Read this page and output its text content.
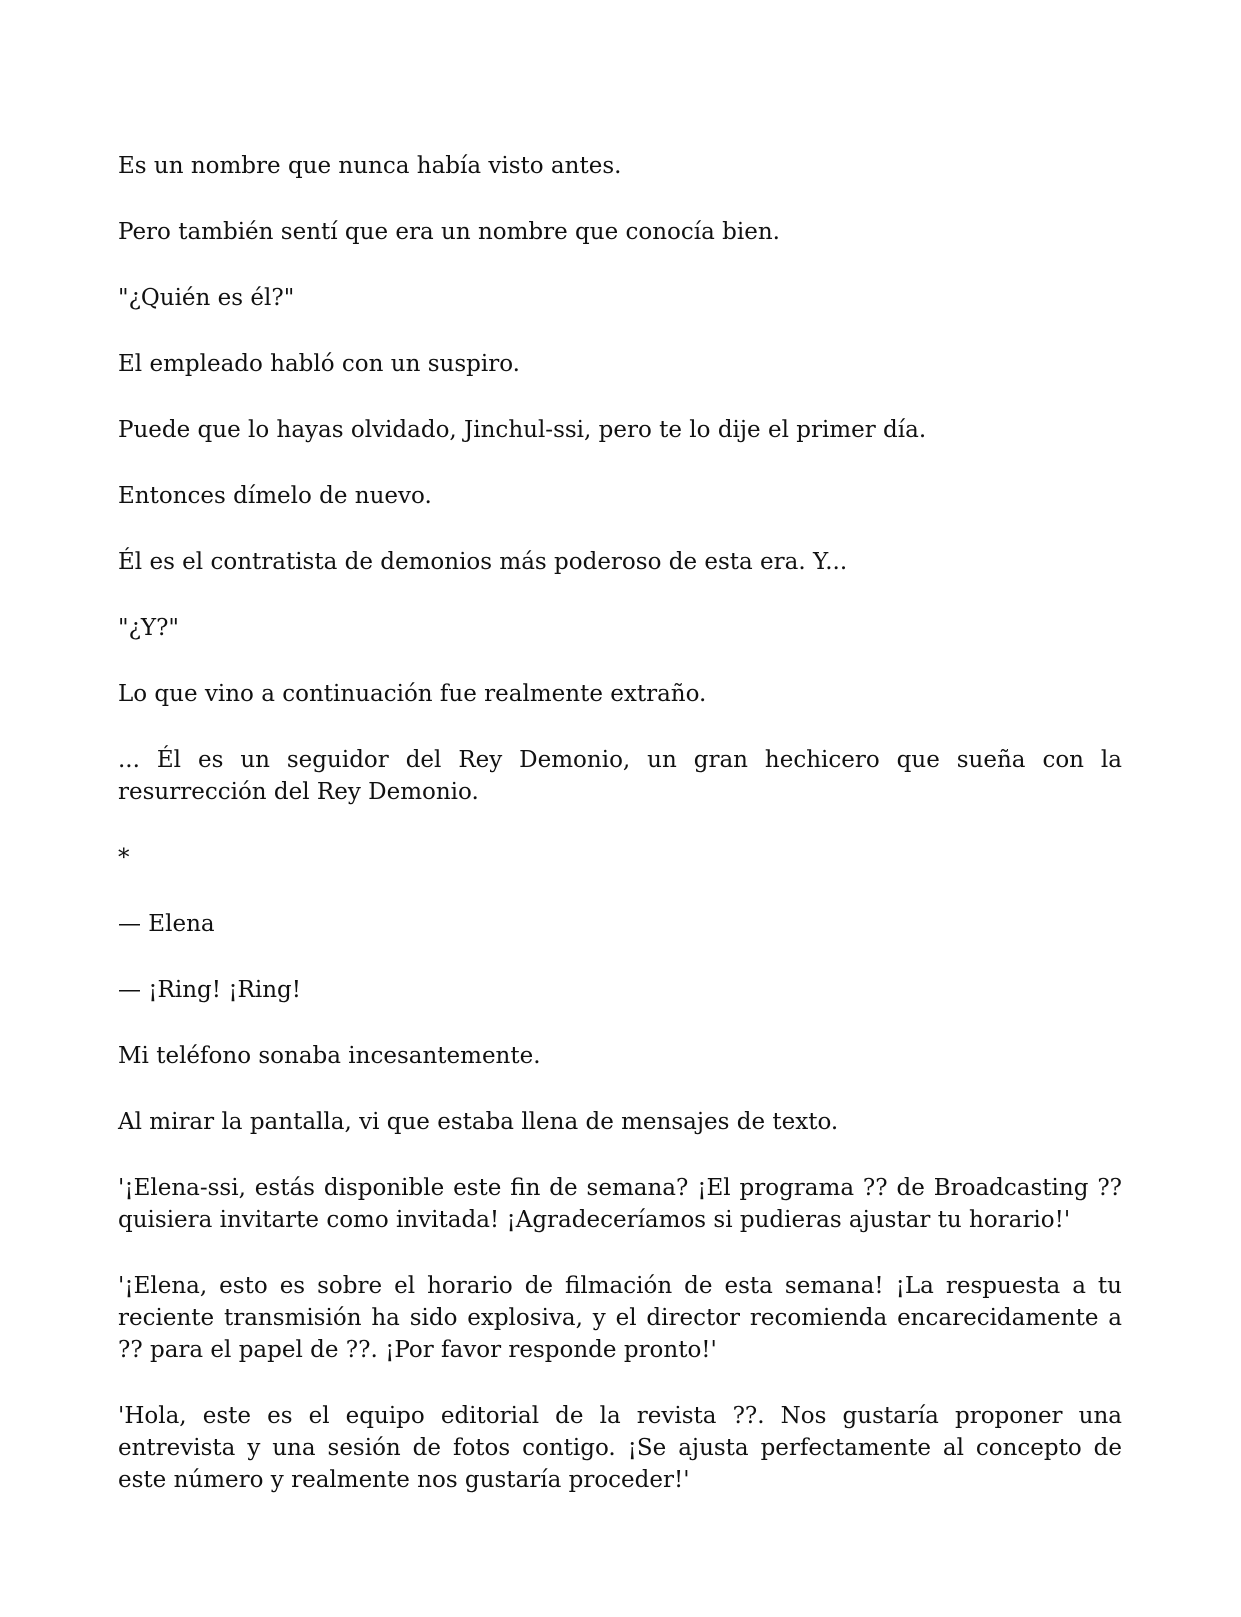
Es un nombre que nunca había visto antes.

Pero también sentí que era un nombre que conocía bien.

"¿Quién es él?"

El empleado habló con un suspiro.

Puede que lo hayas olvidado, Jinchul-ssi, pero te lo dije el primer día.

Entonces dímelo de nuevo.

Él es el contratista de demonios más poderoso de esta era. Y...

"¿Y?"

Lo que vino a continuación fue realmente extraño.

... Él es un seguidor del Rey Demonio, un gran hechicero que sueña con la resurrección del Rey Demonio.

*

— Elena

— ¡Ring! ¡Ring!

Mi teléfono sonaba incesantemente.

Al mirar la pantalla, vi que estaba llena de mensajes de texto.

'¡Elena-ssi, estás disponible este fin de semana? ¡El programa ?? de Broadcasting ?? quisiera invitarte como invitada! ¡Agradeceríamos si pudieras ajustar tu horario!'

'¡Elena, esto es sobre el horario de filmación de esta semana! ¡La respuesta a tu reciente transmisión ha sido explosiva, y el director recomienda encarecidamente a ?? para el papel de ??. ¡Por favor responde pronto!'

'Hola, este es el equipo editorial de la revista ??. Nos gustaría proponer una entrevista y una sesión de fotos contigo. ¡Se ajusta perfectamente al concepto de este número y realmente nos gustaría proceder!'
